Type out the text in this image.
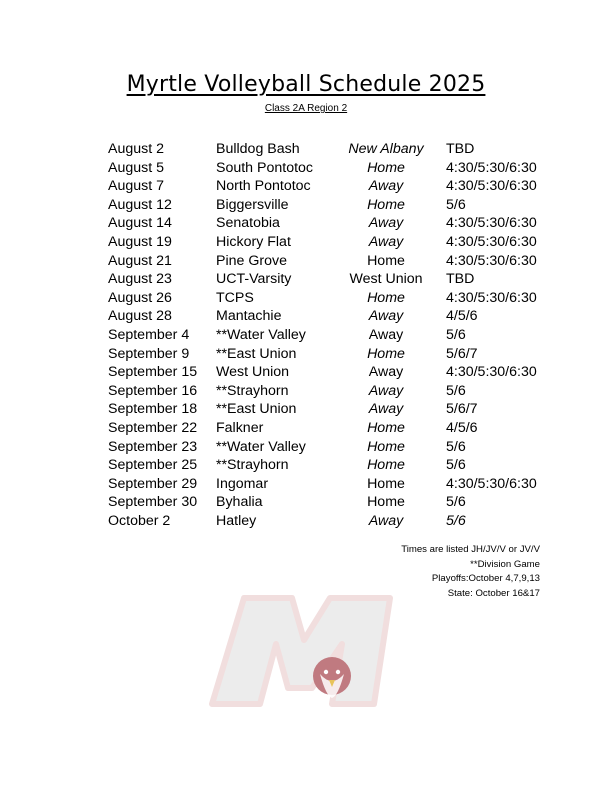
Myrtle Volleyball Schedule 2025

Class 2A Region 2

August 2	Bulldog Bash	New Albany	TBD
August 5	South Pontotoc	Home	4:30/5:30/6:30
August 7	North Pontotoc	Away	4:30/5:30/6:30
August 12	Biggersville	Home	5/6
August 14	Senatobia	Away	4:30/5:30/6:30
August 19	Hickory Flat	Away	4:30/5:30/6:30
August 21	Pine Grove	Home	4:30/5:30/6:30
August 23	UCT-Varsity	West Union	TBD
August 26	TCPS	Home	4:30/5:30/6:30
August 28	Mantachie	Away	4/5/6
September 4	**Water Valley	Away	5/6
September 9	**East Union	Home	5/6/7
September 15	West Union	Away	4:30/5:30/6:30
September 16	**Strayhorn	Away	5/6
September 18	**East Union	Away	5/6/7
September 22	Falkner	Home	4/5/6
September 23	**Water Valley	Home	5/6
September 25	**Strayhorn	Home	5/6
September 29	Ingomar	Home	4:30/5:30/6:30
September 30	Byhalia	Home	5/6
October 2	Hatley	Away	5/6
Times are listed JH/JV/V or JV/V
**Division Game
Playoffs:October 4,7,9,13
State: October 16&17
